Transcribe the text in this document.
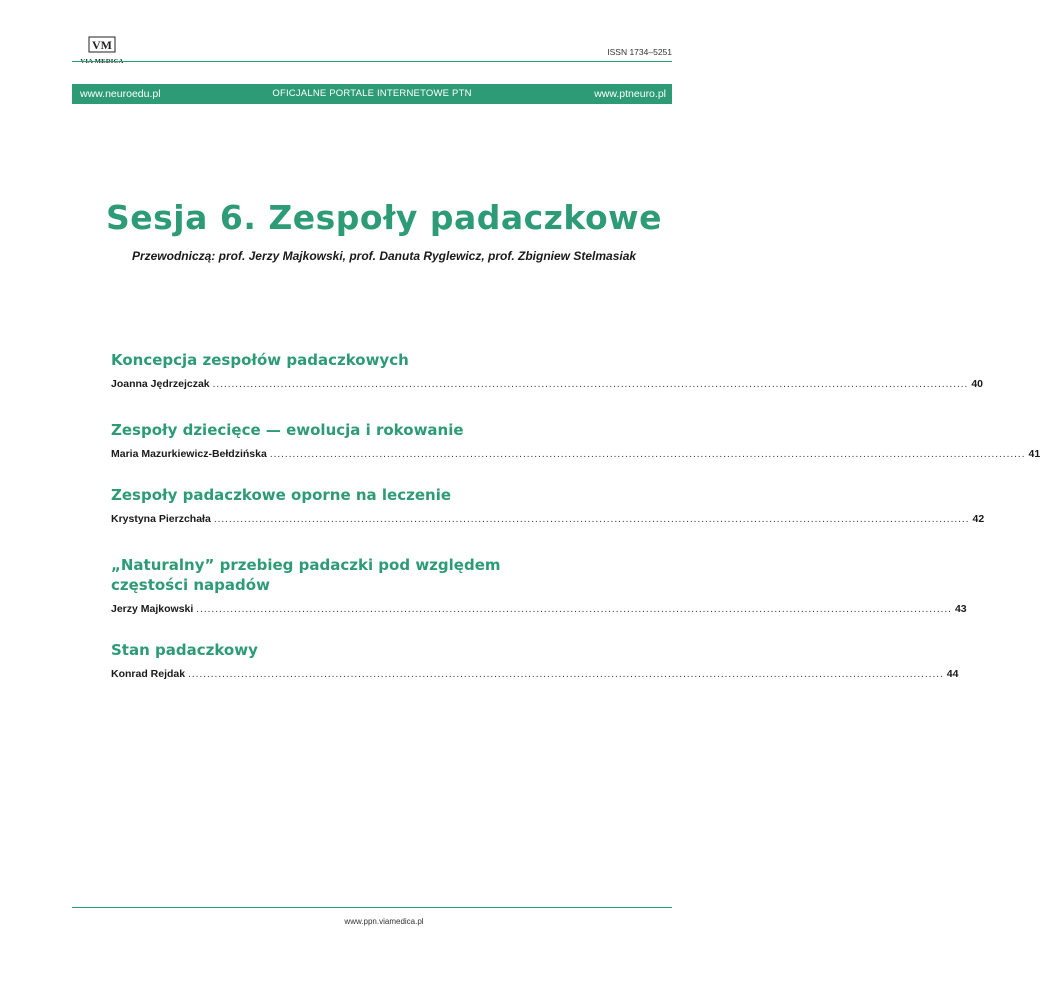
VM	ISSN 1734–5251
OFICJALNE PORTALE INTERNETOWE PTN
www.neuroedu.pl	www.ptneuro.pl
Sesja 6. Zespoły padaczkowe
Przewodniczą: prof. Jerzy Majkowski, prof. Danuta Ryglewicz, prof. Zbigniew Stelmasiak

Koncepcja zespołów padaczkowych

Joanna Jędrzejczak ........................................................................................................................................................................................................ 40

Zespoły dziecięce — ewolucja i rokowanie

Maria Mazurkiewicz-Bełdzińska ........................................................................................................................................................................................................ 41

Zespoły padaczkowe oporne na leczenie

Krystyna Pierzchała ........................................................................................................................................................................................................ 42

„Naturalny” przebieg padaczki pod względem

częstości napadów

Jerzy Majkowski ........................................................................................................................................................................................................ 43

Stan padaczkowy

Konrad Rejdak ........................................................................................................................................................................................................ 44
www.ppn.viamedica.pl
